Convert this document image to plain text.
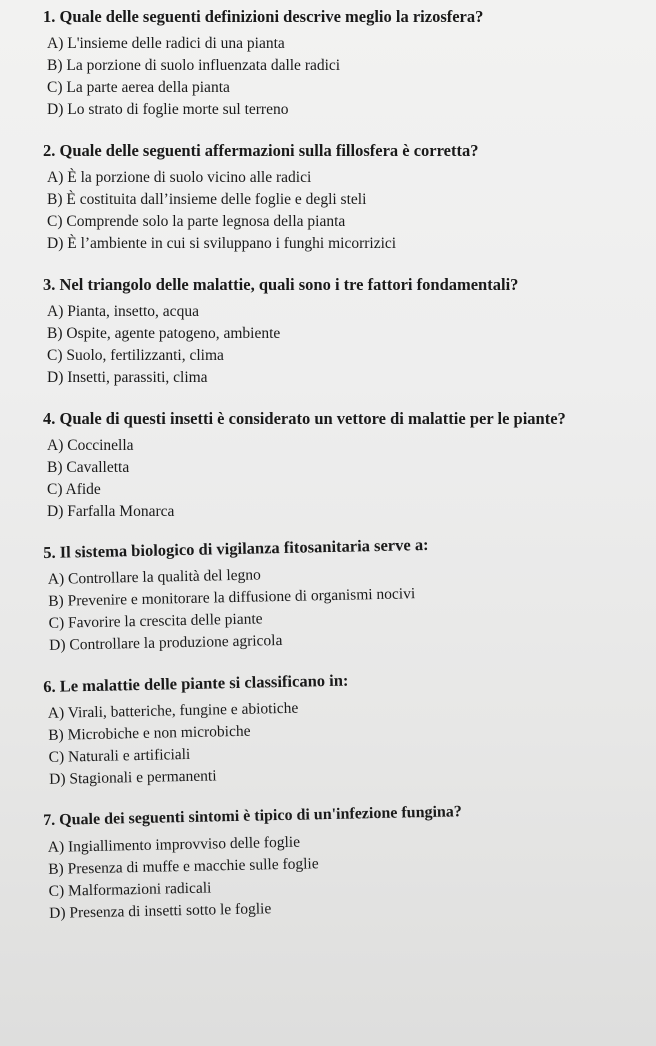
1. Quale delle seguenti definizioni descrive meglio la rizosfera?
A) L'insieme delle radici di una pianta
B) La porzione di suolo influenzata dalle radici
C) La parte aerea della pianta
D) Lo strato di foglie morte sul terreno
2. Quale delle seguenti affermazioni sulla fillosfera è corretta?
A) È la porzione di suolo vicino alle radici
B) È costituita dall’insieme delle foglie e degli steli
C) Comprende solo la parte legnosa della pianta
D) È l’ambiente in cui si sviluppano i funghi micorrizici
3. Nel triangolo delle malattie, quali sono i tre fattori fondamentali?
A) Pianta, insetto, acqua
B) Ospite, agente patogeno, ambiente
C) Suolo, fertilizzanti, clima
D) Insetti, parassiti, clima
4. Quale di questi insetti è considerato un vettore di malattie per le piante?
A) Coccinella
B) Cavalletta
C) Afide
D) Farfalla Monarca
5. Il sistema biologico di vigilanza fitosanitaria serve a:
A) Controllare la qualità del legno
B) Prevenire e monitorare la diffusione di organismi nocivi
C) Favorire la crescita delle piante
D) Controllare la produzione agricola
6. Le malattie delle piante si classificano in:
A) Virali, batteriche, fungine e abiotiche
B) Microbiche e non microbiche
C) Naturali e artificiali
D) Stagionali e permanenti
7. Quale dei seguenti sintomi è tipico di un'infezione fungina?
A) Ingiallimento improvviso delle foglie
B) Presenza di muffe e macchie sulle foglie
C) Malformazioni radicali
D) Presenza di insetti sotto le foglie
